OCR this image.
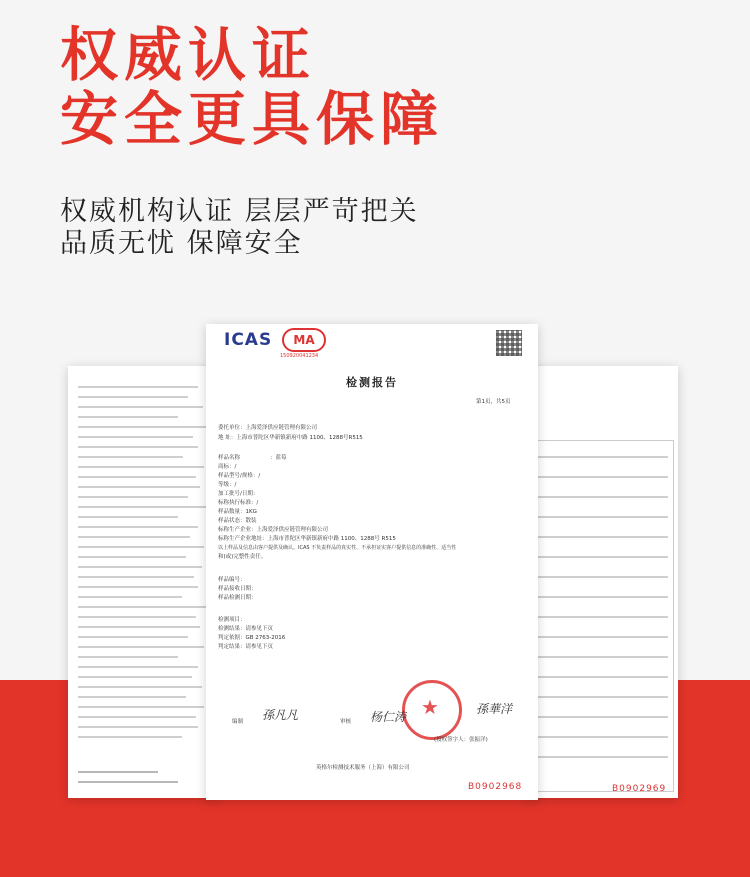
权威认证
安全更具保障
权威机构认证 层层严苛把关
品质无忧 保障安全
B0902969
ICAS	MA
150920041234
检测报告
第1页，共5页
委托单位：上海爱泽供应链管理有限公司
地 址：上海市普陀区华新镇新府中路 1100、1288号R515
样品名称	：蓝莓
商标：/
样品型号/规格：/
等级：/
加工批号/日期：
标称执行标准：/
样品数量：1KG
样品状态：散装
标称生产企业：上海爱泽供应链管理有限公司
标称生产企业地址：上海市普陀区华新镇新府中路 1100、1288号 R515
以上样品及信息由客户提供及确认。ICAS 不负责样品的真实性、不承担证实客户提供信息的准确性、适当性
和(或)完整性责任。
样品编号：
样品接收日期：
样品检测日期：
检测项目：
检测结果：请参见下页
判定依据：GB 2763-2016
判定结果：请参见下页
★
编制 孫凡凡	审核 杨仁涛
孫華洋
(授权签字人：张振洋)
英格尔检测技术服务（上海）有限公司
B0902968
